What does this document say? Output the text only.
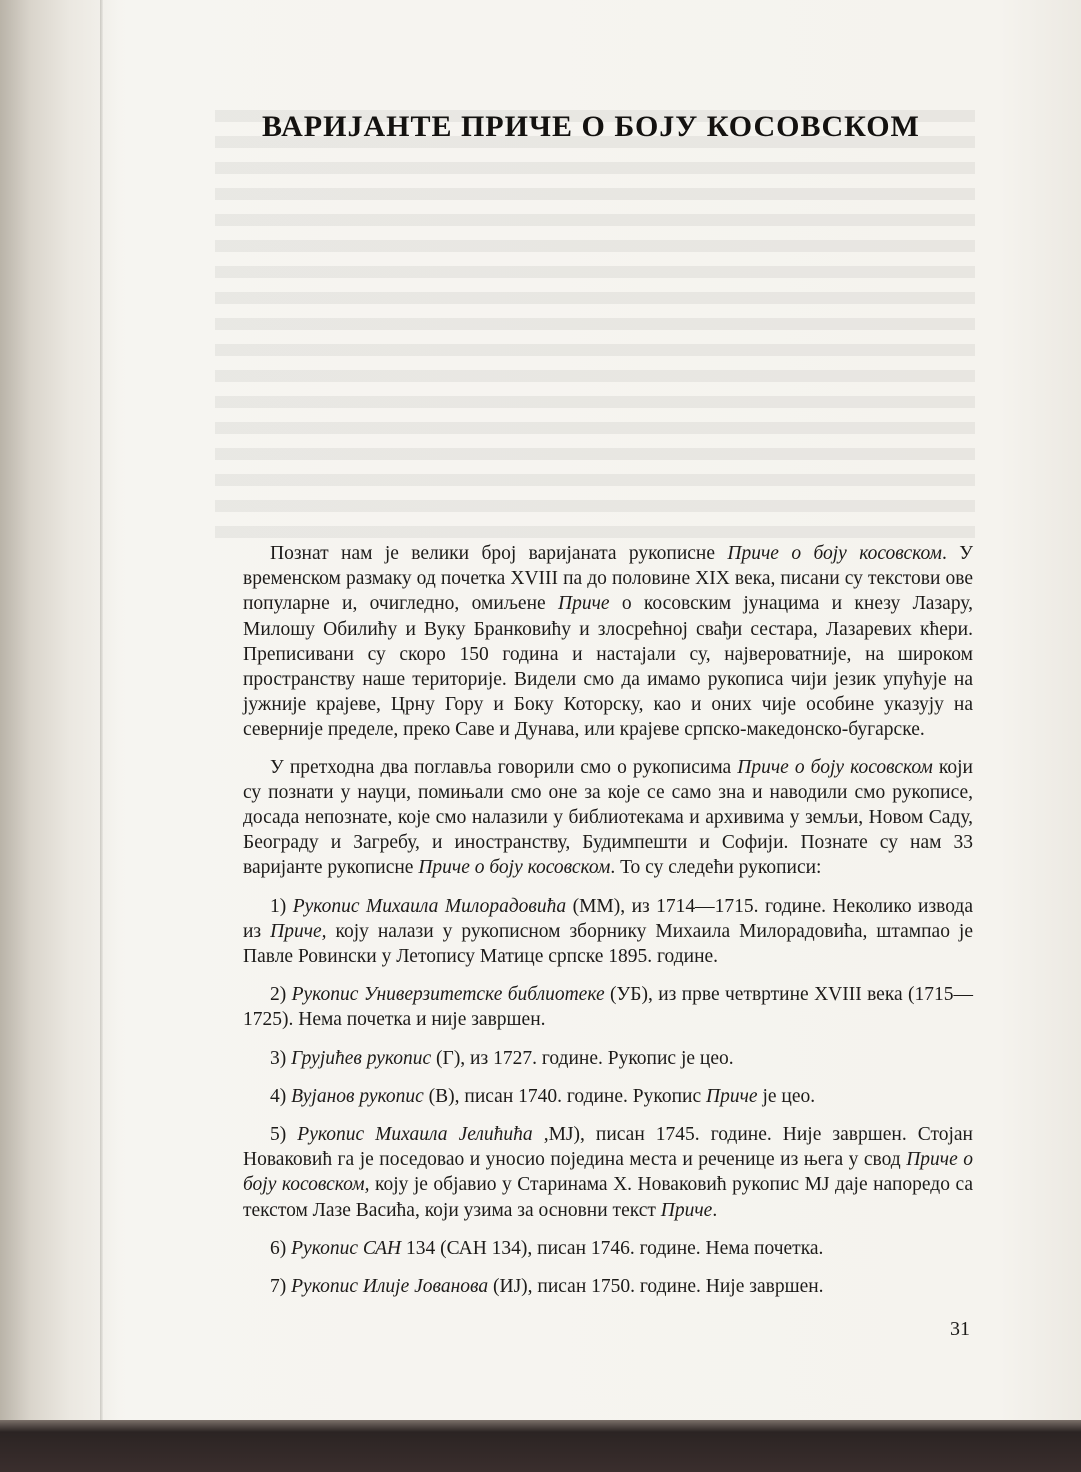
ВАРИЈАНТЕ ПРИЧЕ О БОЈУ КОСОВСКОМ

Познат нам је велики број варијаната рукописне Приче о боју косовском. У временском размаку од почетка XVIII па до половине XIX века, писани су текстови ове популарне и, очигледно, омиљене Приче о косовским јунацима и кнезу Лазару, Милошу Обилићу и Вуку Бранковићу и злосрећној свађи сестара, Лазаревих кћери. Преписивани су скоро 150 година и настајали су, највероватније, на широком пространству наше територије. Видели смо да имамо рукописа чији језик упућује на јужније крајеве, Црну Гору и Боку Которску, као и оних чије особине указују на северније пределе, преко Саве и Дунава, или крајеве српско-македонско-бугарске.

У претходна два поглавља говорили смо о рукописима Приче о боју косовском који су познати у науци, помињали смо оне за које се само зна и наводили смо рукописе, досада непознате, које смо налазили у библиотекама и архивима у земљи, Новом Саду, Београду и Загребу, и иностранству, Будимпешти и Софији. Познате су нам 33 варијанте рукописне Приче о боју косовском. То су следећи рукописи:

1) Рукопис Михаила Милорадовића (ММ), из 1714—1715. године. Неколико извода из Приче, коју налази у рукописном зборнику Михаила Милорадовића, штампао је Павле Ровински у Летопису Матице српске 1895. године.

2) Рукопис Универзитетске библиотеке (УБ), из прве четвртине XVIII века (1715—1725). Нема почетка и није завршен.

3) Грујићев рукопис (Г), из 1727. године. Рукопис је цео.

4) Вујанов рукопис (В), писан 1740. године. Рукопис Приче је цео.

5) Рукопис Михаила Јелићића ,МЈ), писан 1745. године. Није завршен. Стојан Новаковић га је поседовао и уносио поједина места и реченице из њега у свод Приче о боју косовском, коју је објавио у Старинама X. Новаковић рукопис МЈ даје напоредо са текстом Лазе Васића, који узима за основни текст Приче.

6) Рукопис САН 134 (САН 134), писан 1746. године. Нема почетка.

7) Рукопис Илије Јованова (ИЈ), писан 1750. године. Није завршен.

31
